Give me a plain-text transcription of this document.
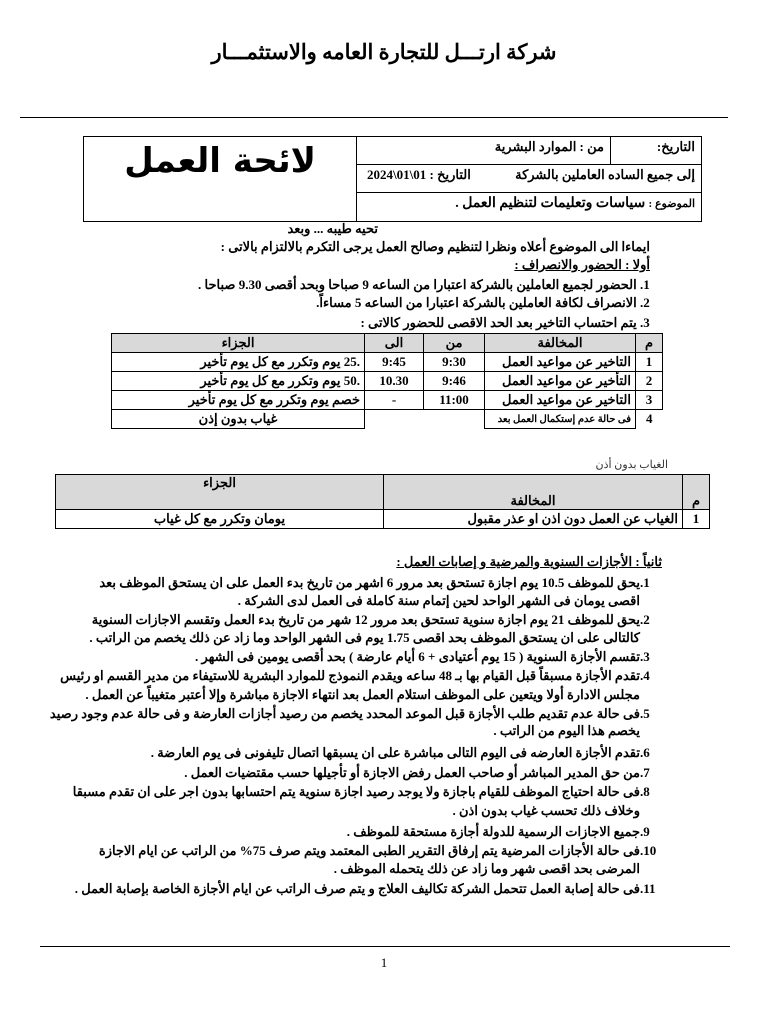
شركة ارتـــل للتجارة العامه والاستثمـــار
التاريخ:
من : الموارد البشرية
إلى جميع الساده العاملين بالشركة
التاريخ : 01\01\2024
الموضوع : سياسات وتعليمات لتنظيم العمل .
لائحة العمل
تحيه طيبه ... وبعد
ايماءا الى الموضوع أعلاه ونظرا لتنظيم وصالح العمل يرجى التكرم بالالتزام بالاتى :
أولا : الحضور والانصراف :
1. الحضور لجميع العاملين بالشركة اعتبارا من الساعه 9 صباحا وبحد أقصى 9.30 صباحا .
2. الانصراف لكافة العاملين بالشركة اعتبارا من الساعه 5 مساءاً.
3. يتم احتساب التاخير بعد الحد الاقصى للحضور كالاتى :
م	المخالفة	من	الى	الجزاء
1	التاخير عن مواعيد العمل	9:30	9:45	.25 يوم وتكرر مع كل يوم تأخير
2	التأخير عن مواعيد العمل	9:46	10.30	.50 يوم وتكرر مع كل يوم تأخير
3	التاخير عن مواعيد العمل	11:00	-	خصم يوم وتكرر مع كل يوم تأخير
4	فى حالة عدم إستكمال العمل بعد			غياب بدون إذن
الغياب بدون أذن
م	المخالفة	الجزاء
1	الغياب عن العمل دون اذن او عذر مقبول	يومان وتكرر مع كل غياب
ثانياً : الأجازات السنوية والمرضية و إصابات العمل :
1.يحق للموظف 10.5 يوم اجازة تستحق بعد مرور 6 اشهر من تاريخ بدء العمل على ان يستحق الموظف بعد
اقصى يومان فى الشهر الواحد لحين إتمام سنة كاملة فى العمل لدى الشركة .
2.يحق للموظف 21 يوم اجازة سنوية تستحق بعد مرور 12 شهر من تاريخ بدء العمل وتقسم الاجازات السنوية
كالتالى على ان يستحق الموظف بحد اقصى 1.75 يوم فى الشهر الواحد وما زاد عن ذلك يخصم من الراتب .
3.تقسم الأجازة السنوية ( 15 يوم أعتيادى + 6 أيام عارضة ) بحد أقصى يومين فى الشهر .
4.تقدم الأجازة مسبقاً قبل القيام بها بـ 48 ساعه ويقدم النموذج للموارد البشرية للاستيفاء من مدير القسم او رئيس
مجلس الادارة أولا ويتعين على الموظف استلام العمل بعد انتهاء الاجازة مباشرة وإلا أعتبر متغيباً عن العمل .
5.فى حالة عدم تقديم طلب الأجازة قبل الموعد المحدد يخصم من رصيد أجازات العارضة و فى حالة عدم وجود رصيد
يخصم هذا اليوم من الراتب .
6.تقدم الأجازة العارضه فى اليوم التالى مباشرة على ان يسبقها اتصال تليفونى فى يوم العارضة .
7.من حق المدير المباشر أو صاحب العمل رفض الاجازة أو تأجيلها حسب مقتضيات العمل .
8.فى حالة احتياج الموظف للقيام باجازة ولا يوجد رصيد اجازة سنوية يتم احتسابها بدون اجر على ان تقدم مسبقا
وخلاف ذلك تحسب غياب بدون اذن .
9.جميع الاجازات الرسمية للدولة أجازة مستحقة للموظف .
10.فى حالة الأجازات المرضية يتم إرفاق التقرير الطبى المعتمد ويتم صرف 75% من الراتب عن ايام الاجازة
المرضى بحد اقصى شهر وما زاد عن ذلك يتحمله الموظف .
11.فى حالة إصابة العمل تتحمل الشركة تكاليف العلاج و يتم صرف الراتب عن ايام الأجازة الخاصة بإصابة العمل .
1
